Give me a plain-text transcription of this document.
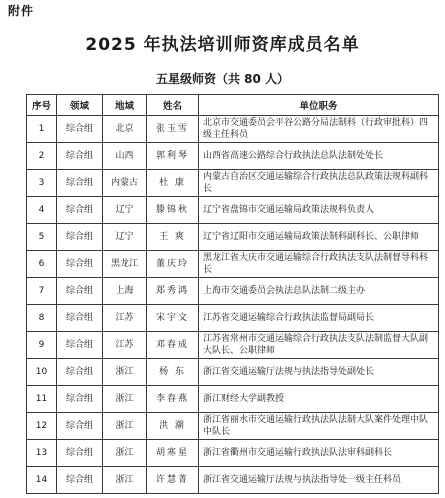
附件
2025 年执法培训师资库成员名单
五星级师资（共 80 人）
序号	领域	地域	姓名	单位职务
1	综合组	北京	张玉雪	北京市交通委员会平谷公路分局法制科（行政审批科）四级主任科员
2	综合组	山西	郭利琴	山西省高速公路综合行政执法总队法制处处长
3	综合组	内蒙古	杜 康	内蒙古自治区交通运输综合行政执法总队政策法规科副科长
4	综合组	辽宁	滕锦秋	辽宁省盘锦市交通运输局政策法规科负责人
5	综合组	辽宁	王 爽	辽宁省辽阳市交通运输局政策法制科副科长、公职律师
6	综合组	黑龙江	董庆玲	黑龙江省大庆市交通运输综合行政执法支队法制督导科科长
7	综合组	上海	郑秀鸿	上海市交通委员会执法总队法制二级主办
8	综合组	江苏	宋宇文	江苏省交通运输综合行政执法监督局副局长
9	综合组	江苏	邓春成	江苏省常州市交通运输综合行政执法支队法制监督大队副大队长、公职律师
10	综合组	浙江	杨 东	浙江省交通运输厅法规与执法指导处副处长
11	综合组	浙江	李春燕	浙江财经大学副教授
12	综合组	浙江	洪 潮	浙江省丽水市交通运输行政执法队法制大队案件处理中队中队长
13	综合组	浙江	胡寒星	浙江省衢州市交通运输行政执法队法审科副科长
14	综合组	浙江	许慧菁	浙江省交通运输厅法规与执法指导处一级主任科员
